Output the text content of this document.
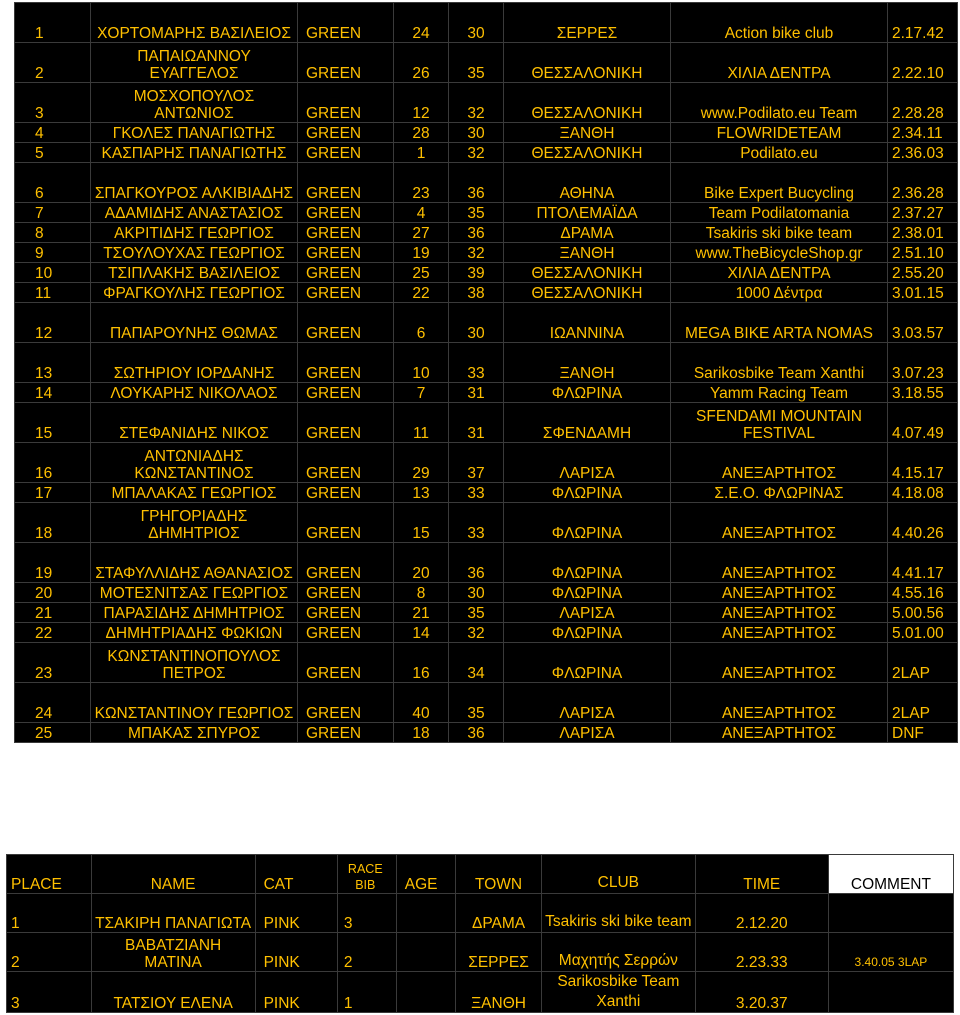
1	ΧΟΡΤΟΜΑΡΗΣ ΒΑΣΙΛΕΙΟΣ	GREEN	24	30	ΣΕΡΡΕΣ	Action bike club	2.17.42
2	ΠΑΠΑΙΩΑΝΝΟΥ ΕΥΑΓΓΕΛΟΣ	GREEN	26	35	ΘΕΣΣΑΛΟΝΙΚΗ	ΧΙΛΙΑ ΔΕΝΤΡΑ	2.22.10
3	ΜΟΣΧΟΠΟΥΛΟΣ ΑΝΤΩΝΙΟΣ	GREEN	12	32	ΘΕΣΣΑΛΟΝΙΚΗ	www.Podilato.eu Team	2.28.28
4	ΓΚΟΛΕΣ ΠΑΝΑΓΙΩΤΗΣ	GREEN	28	30	ΞΑΝΘΗ	FLOWRIDETEAM	2.34.11
5	ΚΑΣΠΑΡΗΣ ΠΑΝΑΓΙΩΤΗΣ	GREEN	1	32	ΘΕΣΣΑΛΟΝΙΚΗ	Podilato.eu	2.36.03
6	ΣΠΑΓΚΟΥΡΟΣ ΑΛΚΙΒΙΑΔΗΣ	GREEN	23	36	ΑΘΗΝΑ	Bike Expert Bucycling	2.36.28
7	ΑΔΑΜΙΔΗΣ ΑΝΑΣΤΑΣΙΟΣ	GREEN	4	35	ΠΤΟΛΕΜΑΪΔΑ	Team Podilatomania	2.37.27
8	ΑΚΡΙΤΙΔΗΣ ΓΕΩΡΓΙΟΣ	GREEN	27	36	ΔΡΑΜΑ	Tsakiris ski bike team	2.38.01
9	ΤΣΟΥΛΟΥΧΑΣ ΓΕΩΡΓΙΟΣ	GREEN	19	32	ΞΑΝΘΗ	www.TheBicycleShop.gr	2.51.10
10	ΤΣΙΠΛΑΚΗΣ ΒΑΣΙΛΕΙΟΣ	GREEN	25	39	ΘΕΣΣΑΛΟΝΙΚΗ	ΧΙΛΙΑ ΔΕΝΤΡΑ	2.55.20
11	ΦΡΑΓΚΟΥΛΗΣ ΓΕΩΡΓΙΟΣ	GREEN	22	38	ΘΕΣΣΑΛΟΝΙΚΗ	1000 Δέντρα	3.01.15
12	ΠΑΠΑΡΟΥΝΗΣ ΘΩΜΑΣ	GREEN	6	30	ΙΩΑΝΝΙΝΑ	MEGA BIKE ARTA NOMAS	3.03.57
13	ΣΩΤΗΡΙΟΥ ΙΟΡΔΑΝΗΣ	GREEN	10	33	ΞΑΝΘΗ	Sarikosbike Team Xanthi	3.07.23
14	ΛΟΥΚΑΡΗΣ ΝΙΚΟΛΑΟΣ	GREEN	7	31	ΦΛΩΡΙΝΑ	Yamm Racing Team	3.18.55
15	ΣΤΕΦΑΝΙΔΗΣ ΝΙΚΟΣ	GREEN	11	31	ΣΦΕΝΔΑΜΗ	SFENDAMI MOUNTAIN FESTIVAL	4.07.49
16	ΑΝΤΩΝΙΑΔΗΣ ΚΩΝΣΤΑΝΤΙΝΟΣ	GREEN	29	37	ΛΑΡΙΣΑ	ΑΝΕΞΑΡΤΗΤΟΣ	4.15.17
17	ΜΠΑΛΑΚΑΣ ΓΕΩΡΓΙΟΣ	GREEN	13	33	ΦΛΩΡΙΝΑ	Σ.Ε.Ο. ΦΛΩΡΙΝΑΣ	4.18.08
18	ΓΡΗΓΟΡΙΑΔΗΣ ΔΗΜΗΤΡΙΟΣ	GREEN	15	33	ΦΛΩΡΙΝΑ	ΑΝΕΞΑΡΤΗΤΟΣ	4.40.26
19	ΣΤΑΦΥΛΛΙΔΗΣ ΑΘΑΝΑΣΙΟΣ	GREEN	20	36	ΦΛΩΡΙΝΑ	ΑΝΕΞΑΡΤΗΤΟΣ	4.41.17
20	ΜΟΤΕΣΝΙΤΣΑΣ ΓΕΩΡΓΙΟΣ	GREEN	8	30	ΦΛΩΡΙΝΑ	ΑΝΕΞΑΡΤΗΤΟΣ	4.55.16
21	ΠΑΡΑΣΙΔΗΣ ΔΗΜΗΤΡΙΟΣ	GREEN	21	35	ΛΑΡΙΣΑ	ΑΝΕΞΑΡΤΗΤΟΣ	5.00.56
22	ΔΗΜΗΤΡΙΑΔΗΣ ΦΩΚΙΩΝ	GREEN	14	32	ΦΛΩΡΙΝΑ	ΑΝΕΞΑΡΤΗΤΟΣ	5.01.00
23	ΚΩΝΣΤΑΝΤΙΝΟΠΟΥΛΟΣ ΠΕΤΡΟΣ	GREEN	16	34	ΦΛΩΡΙΝΑ	ΑΝΕΞΑΡΤΗΤΟΣ	2LAP
24	ΚΩΝΣΤΑΝΤΙΝΟΥ ΓΕΩΡΓΙΟΣ	GREEN	40	35	ΛΑΡΙΣΑ	ΑΝΕΞΑΡΤΗΤΟΣ	2LAP
25	ΜΠΑΚΑΣ ΣΠΥΡΟΣ	GREEN	18	36	ΛΑΡΙΣΑ	ΑΝΕΞΑΡΤΗΤΟΣ	DNF
PLACE	NAME	CAT	RACE BIB	AGE	TOWN	CLUB	TIME	COMMENT
1	ΤΣΑΚΙΡΗ ΠΑΝΑΓΙΩΤΑ	PINK	3		ΔΡΑΜΑ	Tsakiris ski bike team	2.12.20	
2	ΒΑΒΑΤΖΙΑΝΗ ΜΑΤΙΝΑ	PINK	2		ΣΕΡΡΕΣ	Μαχητής Σερρών	2.23.33	3.40.05 3LAP
3	ΤΑΤΣΙΟΥ ΕΛΕΝΑ	PINK	1		ΞΑΝΘΗ	Sarikosbike Team Xanthi	3.20.37	
